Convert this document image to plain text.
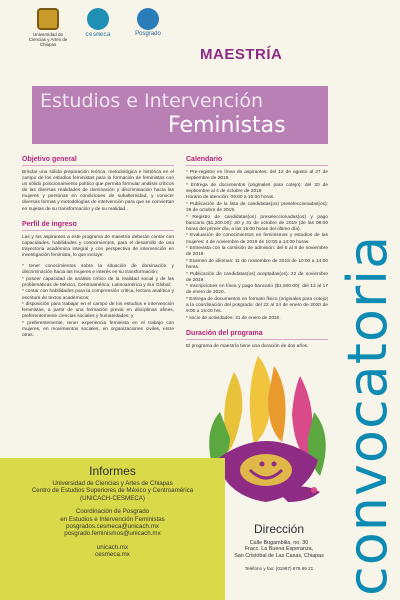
Universidad de Ciencias y Artes de Chiapas
cesmeca	Posgrado
convocatoria
MAESTRÍA
Estudios e Intervención
Feministas
Objetivo general

Brindar una sólida preparación teórica, metodológica e histórica en el campo de los estudios feministas para la formación de feministas con un sólido posicionamiento político que permita formular análisis críticos de las diversas realidades de dominación y discriminación hacia las mujeres y personas en condiciones de subalternidad, y conocer diversas formas y metodologías de intervención para que se conviertan en sujetas de su transformación y de su realidad..

Perfil de ingreso

Las y los aspirantes a este programa de maestría deberán contar con capacidades, habilidades y conocimientos, para el desarrollo de una trayectoria académica integral y con perspectiva de intervención en investigación feminista, lo que incluye:

* tener conocimientos sobre la situación de dominación y discriminación hacia las mujeres e interés en su transformación;
* poseer capacidad de análisis crítico de la realidad social y de las problemáticas de México, Centroamérica, Latinoamérica y Sur Global;
* contar con habilidades para la comprensión crítica, lectura analítica y escritura de textos académicos;
* disposición para trabajar en el campo de los estudios e intervención feministas, a partir de una formación previa en disciplinas afines, preferentemente ciencias sociales y humanidades; y
* preferentemente, tener experiencia feminista en el trabajo con mujeres, en movimientos sociales, en organizaciones civiles, entre otras.
Calendario
* Pre-registro en línea de aspirantes: del 12 de agosto al 27 de septiembre de 2019.
* Entrega de documentos (originales para cotejo): del 30 de septiembre al 4 de octubre de 2019
Horario de atención: 09:00 a 15:00 horas.
* Publicación de la lista de candidatas(os) preseleccionadas(os): 29 de octubre de 2019.
* Registro de candidatas(os) preseleccionadas(os) y pago bancario ($1,200.00): 30 y 31 de octubre de 2019 (de las 08:00 horas del primer día, a las 15:00 horas del último día).
* Evaluación de conocimientos en feminismos y estudios de las mujeres: 4 de noviembre de 2019 de 10:00 a 14:00 horas.
* Entrevista con la comisión de admisión: del 5 al 8 de noviembre de 2019.
* Examen de idiomas: 11 de noviembre de 2019 de 10:00 a 14:00 horas.
* Publicación de candidatas(os) aceptadas(os): 22 de noviembre de 2019.
* Inscripciones en línea y pago bancario ($1,500.00): del 13 al 17 de enero de 2020.
* Entrega de documentos en formato físico (originales para cotejo) a la coordinación del posgrado: del 22 al 24 de enero de 2020 de 9:00 a 15:00 hrs.
* Inicio de actividades: 31 de enero de 2020.
Duración del programa

El programa de maestría tiene una duración de dos años.

Informes
Universidad de Ciencias y Artes de Chiapas
Centro de Estudios Superiores de México y Centroamérica
(UNICACH-CESMECA)
Coordinación de Posgrado
en Estudios e Intervención Feministas
posgrados.cesmeca@unicach.mx
posgrado.feminismos@unicach.mx
unicach.mx
cesmeca.mx
Dirección
Calle Bugambilia, no. 30
Fracc. La Buena Esperanza,
San Cristóbal de Las Casas, Chiapas
Teléfono y fax: (01967) 678 69 21
